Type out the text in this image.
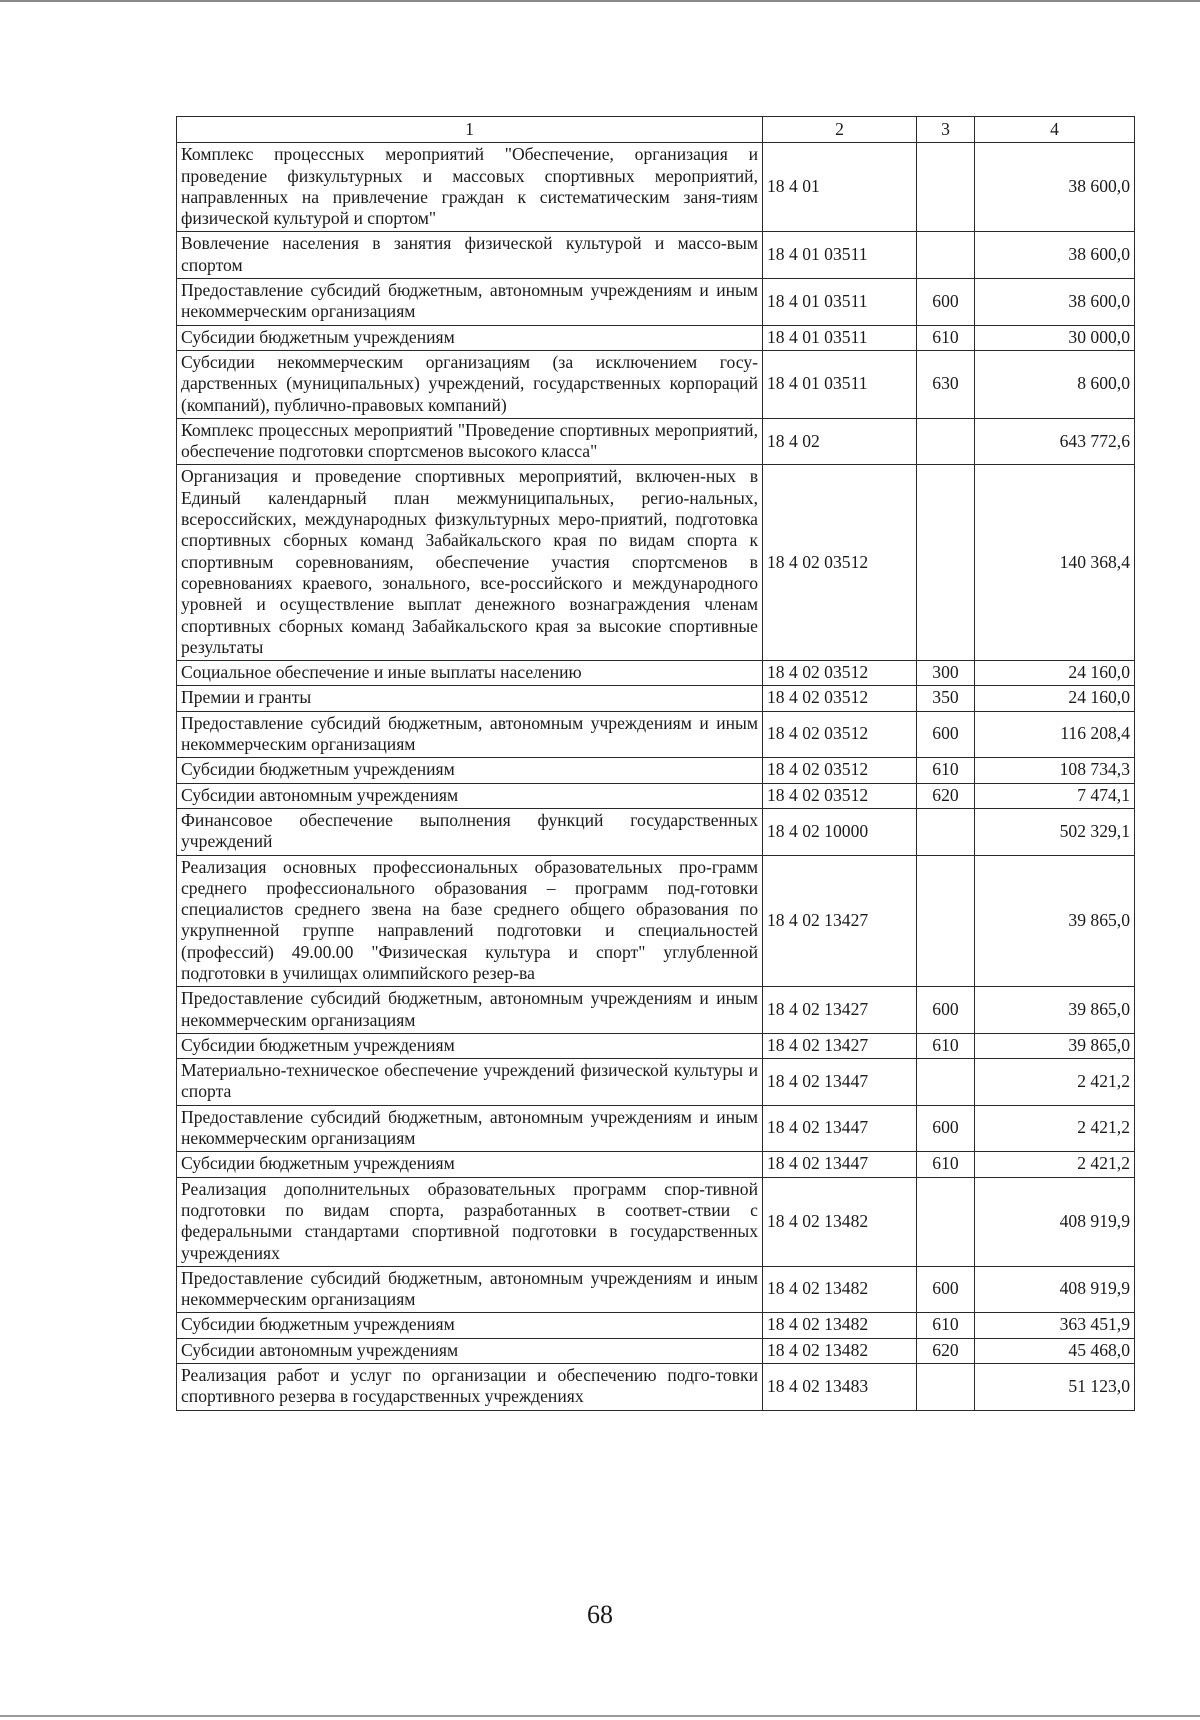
1	2	3	4
Комплекс процессных мероприятий "Обеспечение, организация и проведение физкультурных и массовых спортивных мероприятий, направленных на привлечение граждан к систематическим заня-тиям физической культурой и спортом"	18 4 01		38 600,0
Вовлечение населения в занятия физической культурой и массо-вым спортом	18 4 01 03511		38 600,0
Предоставление субсидий бюджетным, автономным учреждениям и иным некоммерческим организациям	18 4 01 03511	600	38 600,0
Субсидии бюджетным учреждениям	18 4 01 03511	610	30 000,0
Субсидии некоммерческим организациям (за исключением госу-дарственных (муниципальных) учреждений, государственных корпораций (компаний), публично-правовых компаний)	18 4 01 03511	630	8 600,0
Комплекс процессных мероприятий "Проведение спортивных мероприятий, обеспечение подготовки спортсменов высокого класса"	18 4 02		643 772,6
Организация и проведение спортивных мероприятий, включен-ных в Единый календарный план межмуниципальных, регио-нальных, всероссийских, международных физкультурных меро-приятий, подготовка спортивных сборных команд Забайкальского края по видам спорта к спортивным соревнованиям, обеспечение участия спортсменов в соревнованиях краевого, зонального, все-российского и международного уровней и осуществление выплат денежного вознаграждения членам спортивных сборных команд Забайкальского края за высокие спортивные результаты	18 4 02 03512		140 368,4
Социальное обеспечение и иные выплаты населению	18 4 02 03512	300	24 160,0
Премии и гранты	18 4 02 03512	350	24 160,0
Предоставление субсидий бюджетным, автономным учреждениям и иным некоммерческим организациям	18 4 02 03512	600	116 208,4
Субсидии бюджетным учреждениям	18 4 02 03512	610	108 734,3
Субсидии автономным учреждениям	18 4 02 03512	620	7 474,1
Финансовое обеспечение выполнения функций государственных учреждений	18 4 02 10000		502 329,1
Реализация основных профессиональных образовательных про-грамм среднего профессионального образования – программ под-готовки специалистов среднего звена на базе среднего общего образования по укрупненной группе направлений подготовки и специальностей (профессий) 49.00.00 "Физическая культура и спорт" углубленной подготовки в училищах олимпийского резер-ва	18 4 02 13427		39 865,0
Предоставление субсидий бюджетным, автономным учреждениям и иным некоммерческим организациям	18 4 02 13427	600	39 865,0
Субсидии бюджетным учреждениям	18 4 02 13427	610	39 865,0
Материально-техническое обеспечение учреждений физической культуры и спорта	18 4 02 13447		2 421,2
Предоставление субсидий бюджетным, автономным учреждениям и иным некоммерческим организациям	18 4 02 13447	600	2 421,2
Субсидии бюджетным учреждениям	18 4 02 13447	610	2 421,2
Реализация дополнительных образовательных программ спор-тивной подготовки по видам спорта, разработанных в соответ-ствии с федеральными стандартами спортивной подготовки в государственных учреждениях	18 4 02 13482		408 919,9
Предоставление субсидий бюджетным, автономным учреждениям и иным некоммерческим организациям	18 4 02 13482	600	408 919,9
Субсидии бюджетным учреждениям	18 4 02 13482	610	363 451,9
Субсидии автономным учреждениям	18 4 02 13482	620	45 468,0
Реализация работ и услуг по организации и обеспечению подго-товки спортивного резерва в государственных учреждениях	18 4 02 13483		51 123,0
68
